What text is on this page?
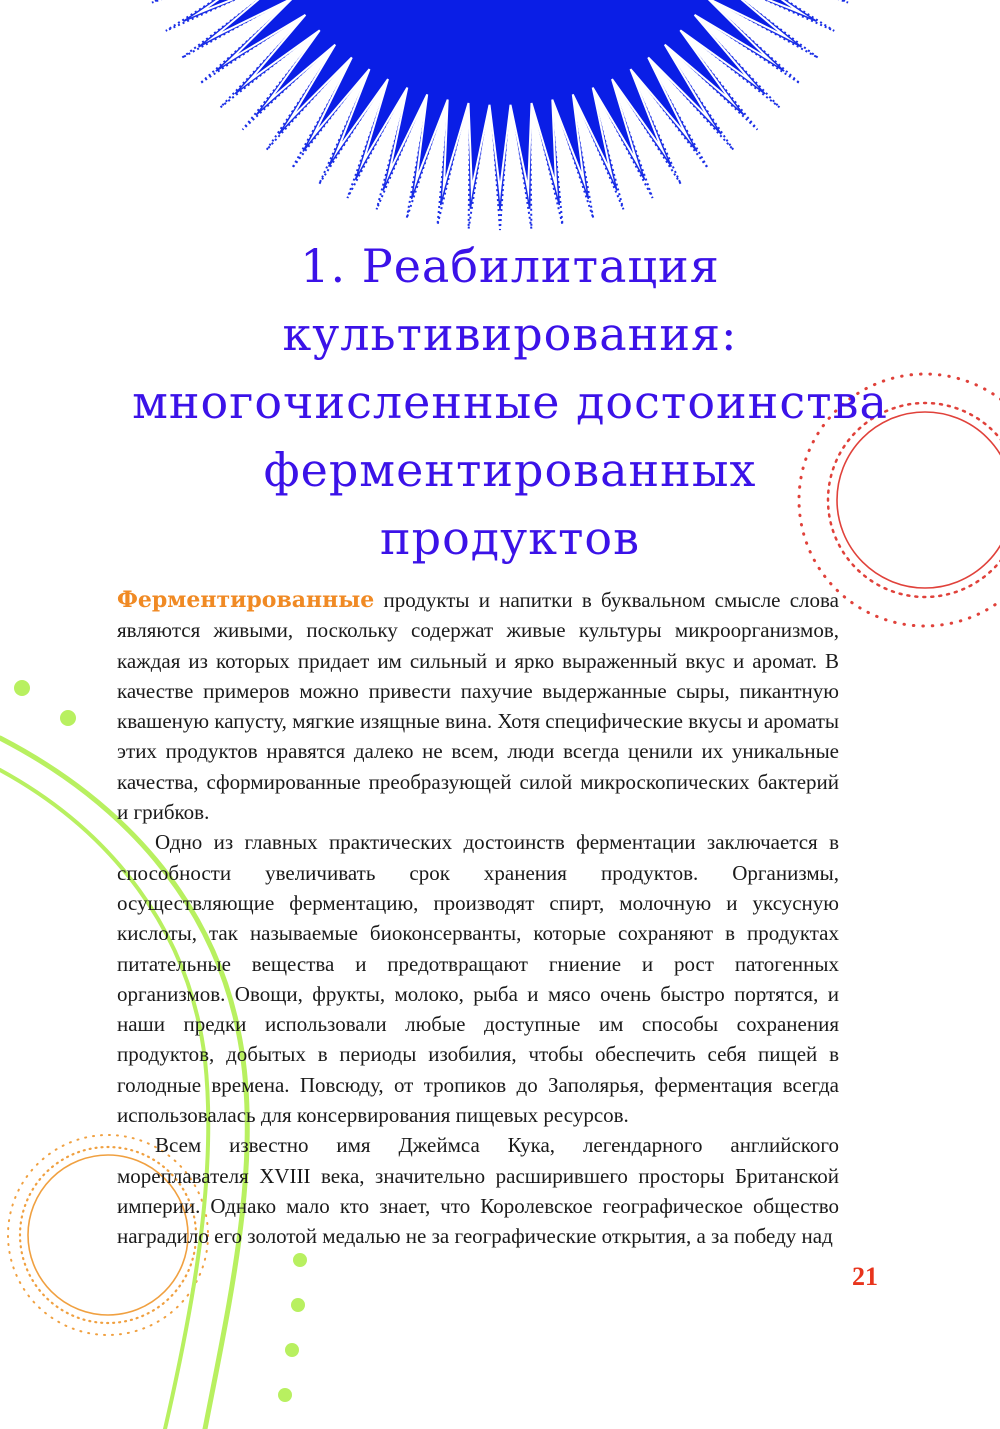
1. Реабилитация
культивирования:
многочисленные достоинства
ферментированных
продуктов

Ферментированные продукты и напитки в буквальном смысле слова являются живыми, поскольку содержат живые культуры микроорганизмов, каждая из которых придает им сильный и ярко выраженный вкус и аромат. В качестве примеров можно привести пахучие выдержанные сыры, пикантную квашеную капусту, мягкие изящные вина. Хотя специфические вкусы и ароматы этих продуктов нравятся далеко не всем, люди всегда ценили их уникальные качества, сформированные преобразующей силой микроскопических бактерий и грибков.

Одно из главных практических достоинств ферментации заключается в способности увеличивать срок хранения продуктов. Организмы, осуществляющие ферментацию, производят спирт, молочную и уксусную кислоты, так называемые биоконсерванты, которые сохраняют в продуктах питательные вещества и предотвращают гниение и рост патогенных организмов. Овощи, фрукты, молоко, рыба и мясо очень быстро портятся, и наши предки использовали любые доступные им способы сохранения продуктов, добытых в периоды изобилия, чтобы обеспечить себя пищей в голодные времена. Повсюду, от тропиков до Заполярья, ферментация всегда использовалась для консервирования пищевых ресурсов.

Всем известно имя Джеймса Кука, легендарного английского мореплавателя XVIII века, значительно расширившего просторы Британской империи. Однако мало кто знает, что Королевское географическое общество наградило его золотой медалью не за географические открытия, а за победу над

21
